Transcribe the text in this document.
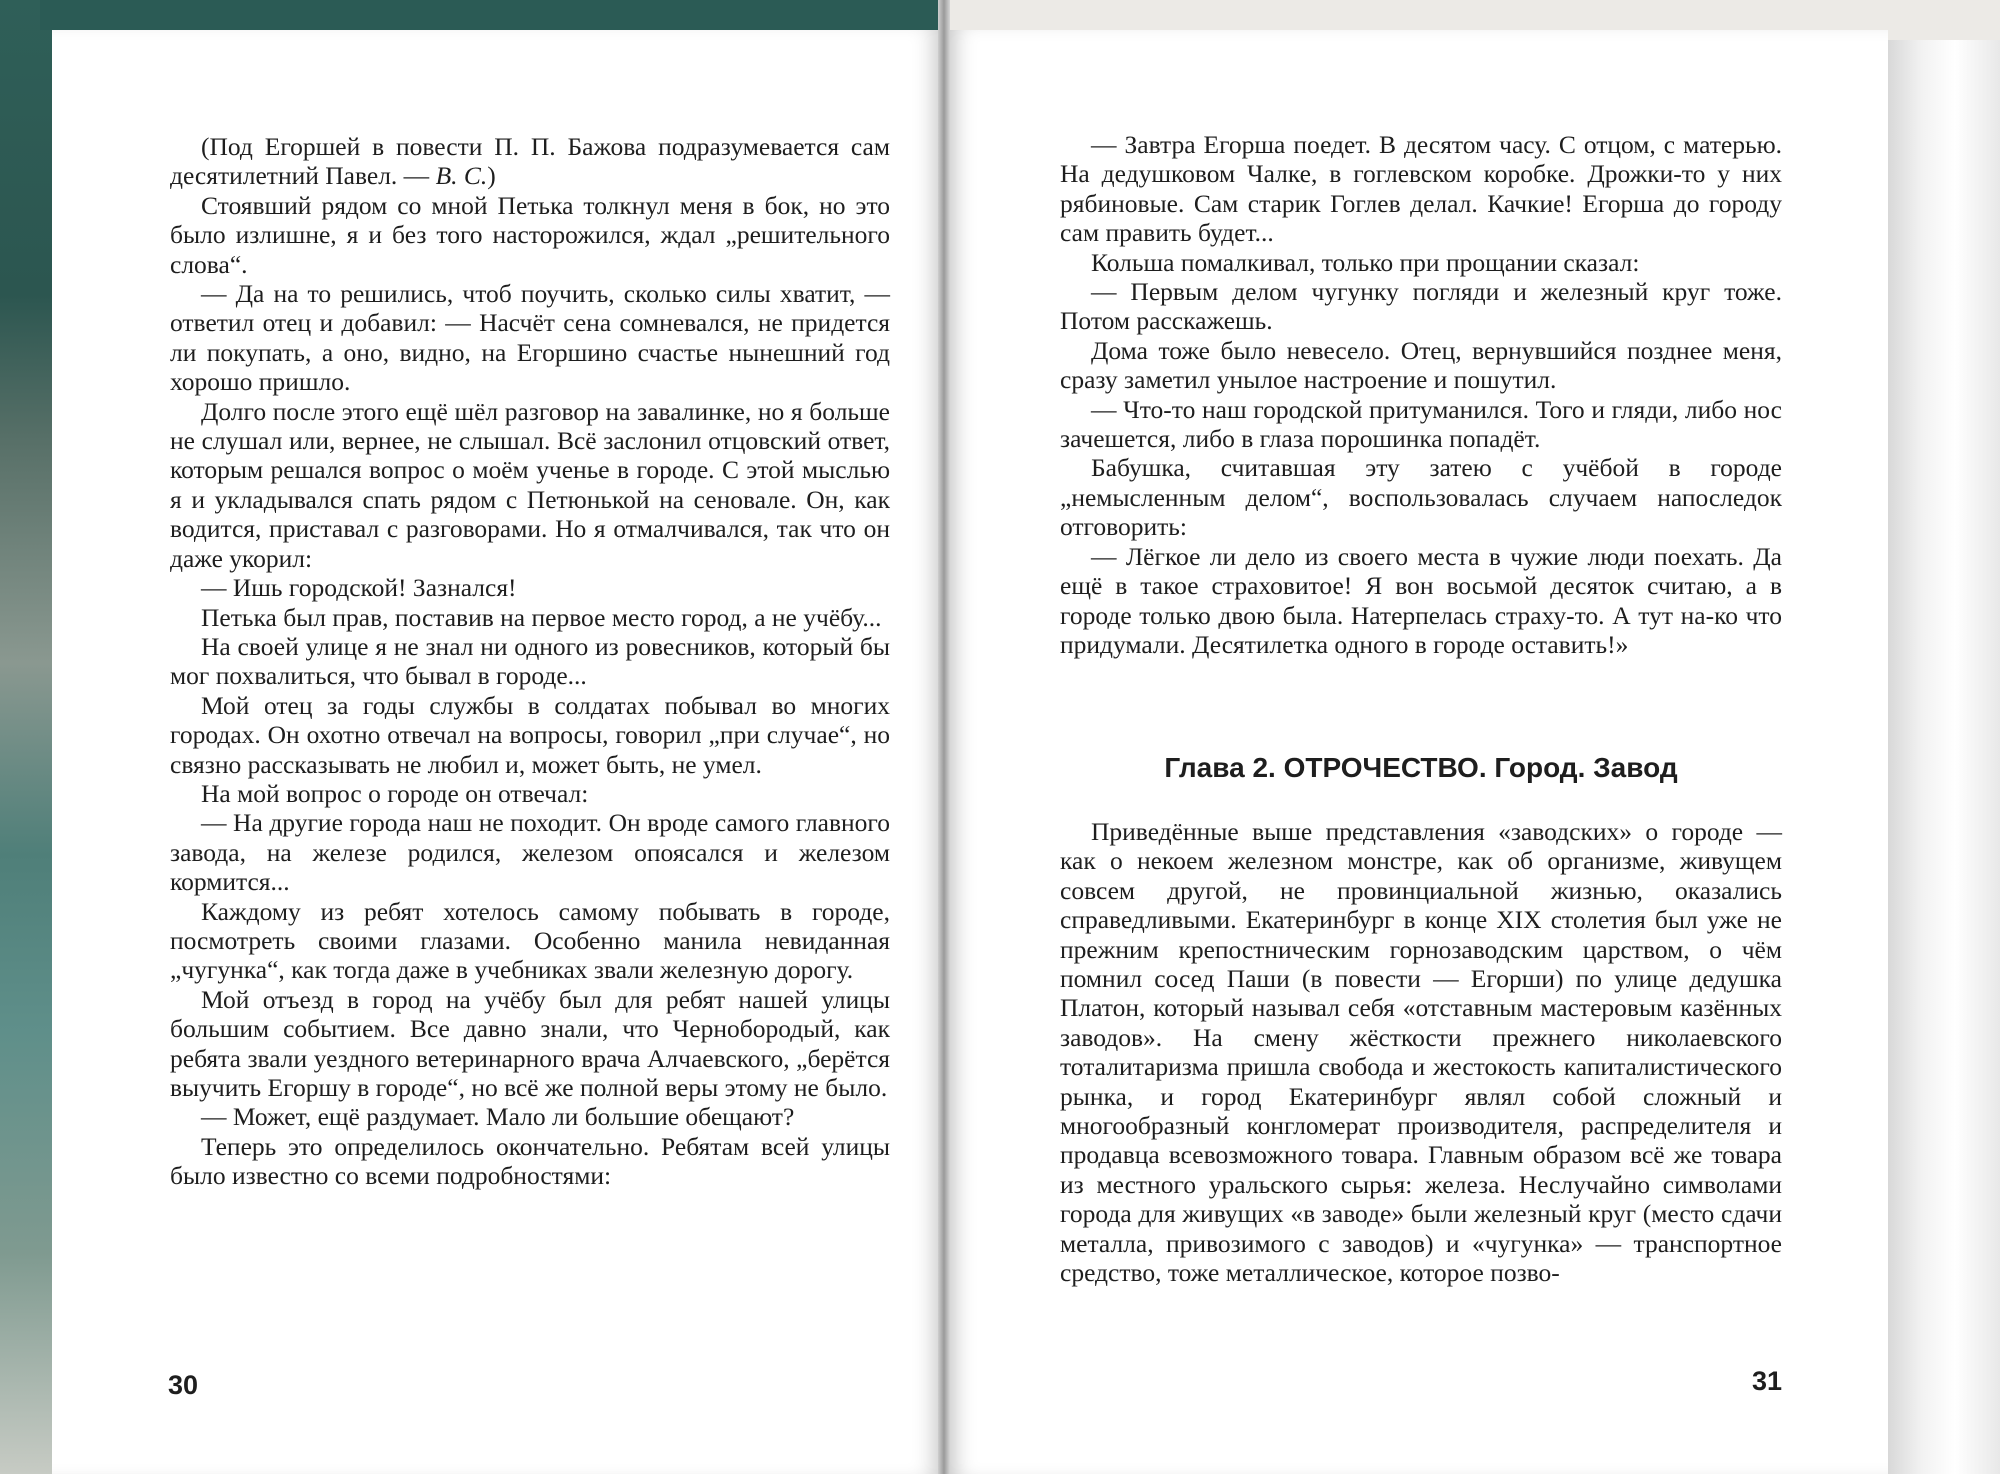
(Под Егоршей в повести П. П. Бажова подразумевается сам десятилетний Павел. — В. С.)

Стоявший рядом со мной Петька толкнул меня в бок, но это было излишне, я и без того насторожился, ждал „решительного слова“.

— Да на то решились, чтоб поучить, сколько силы хватит, — ответил отец и добавил: — Насчёт сена сомневался, не придется ли покупать, а оно, видно, на Егоршино счастье нынешний год хорошо пришло.

Долго после этого ещё шёл разговор на завалинке, но я больше не слушал или, вернее, не слышал. Всё заслонил отцовский ответ, которым решался вопрос о моём ученье в городе. С этой мыслью я и укладывался спать рядом с Петюнькой на сеновале. Он, как водится, приставал с разговорами. Но я отмалчивался, так что он даже укорил:

— Ишь городской! Зазнался!

Петька был прав, поставив на первое место город, а не учёбу...

На своей улице я не знал ни одного из ровесников, который бы мог похвалиться, что бывал в городе...

Мой отец за годы службы в солдатах побывал во многих городах. Он охотно отвечал на вопросы, говорил „при случае“, но связно рассказывать не любил и, может быть, не умел.

На мой вопрос о городе он отвечал:

— На другие города наш не походит. Он вроде самого главного завода, на железе родился, железом опоясался и железом кормится...

Каждому из ребят хотелось самому побывать в городе, посмотреть своими глазами. Особенно манила невиданная „чугунка“, как тогда даже в учебниках звали железную дорогу.

Мой отъезд в город на учёбу был для ребят нашей улицы большим событием. Все давно знали, что Чернобородый, как ребята звали уездного ветеринарного врача Алчаевского, „берётся выучить Егоршу в городе“, но всё же полной веры этому не было.

— Может, ещё раздумает. Мало ли большие обещают?

Теперь это определилось окончательно. Ребятам всей улицы было известно со всеми подробностями:

30

— Завтра Егорша поедет. В десятом часу. С отцом, с матерью. На дедушковом Чалке, в гоглевском коробке. Дрожки-то у них рябиновые. Сам старик Гоглев делал. Качкие! Егорша до городу сам править будет...

Кольша помалкивал, только при прощании сказал:

— Первым делом чугунку погляди и железный круг тоже. Потом расскажешь.

Дома тоже было невесело. Отец, вернувшийся позднее меня, сразу заметил унылое настроение и пошутил.

— Что-то наш городской притуманился. Того и гляди, либо нос зачешется, либо в глаза порошинка попадёт.

Бабушка, считавшая эту затею с учёбой в городе „немысленным делом“, воспользовалась случаем напоследок отговорить:

— Лёгкое ли дело из своего места в чужие люди поехать. Да ещё в такое страховитое! Я вон восьмой десяток считаю, а в городе только двою была. Натерпелась страху-то. А тут на-ко что придумали. Десятилетка одного в городе оставить!»

Глава 2. ОТРОЧЕСТВО. Город. Завод

Приведённые выше представления «заводских» о городе — как о некоем железном монстре, как об организме, живущем совсем другой, не провинциальной жизнью, оказались справедливыми. Екатеринбург в конце XIX столетия был уже не прежним крепостническим горнозаводским царством, о чём помнил сосед Паши (в повести — Егорши) по улице дедушка Платон, который называл себя «отставным мастеровым казённых заводов». На смену жёсткости прежнего николаевского тоталитаризма пришла свобода и жестокость капиталистического рынка, и город Екатеринбург являл собой сложный и многообразный конгломерат производителя, распределителя и продавца всевозможного товара. Главным образом всё же товара из местного уральского сырья: железа. Неслучайно символами города для живущих «в заводе» были железный круг (место сдачи металла, привозимого с заводов) и «чугунка» — транспортное средство, тоже металлическое, которое позво-

31
